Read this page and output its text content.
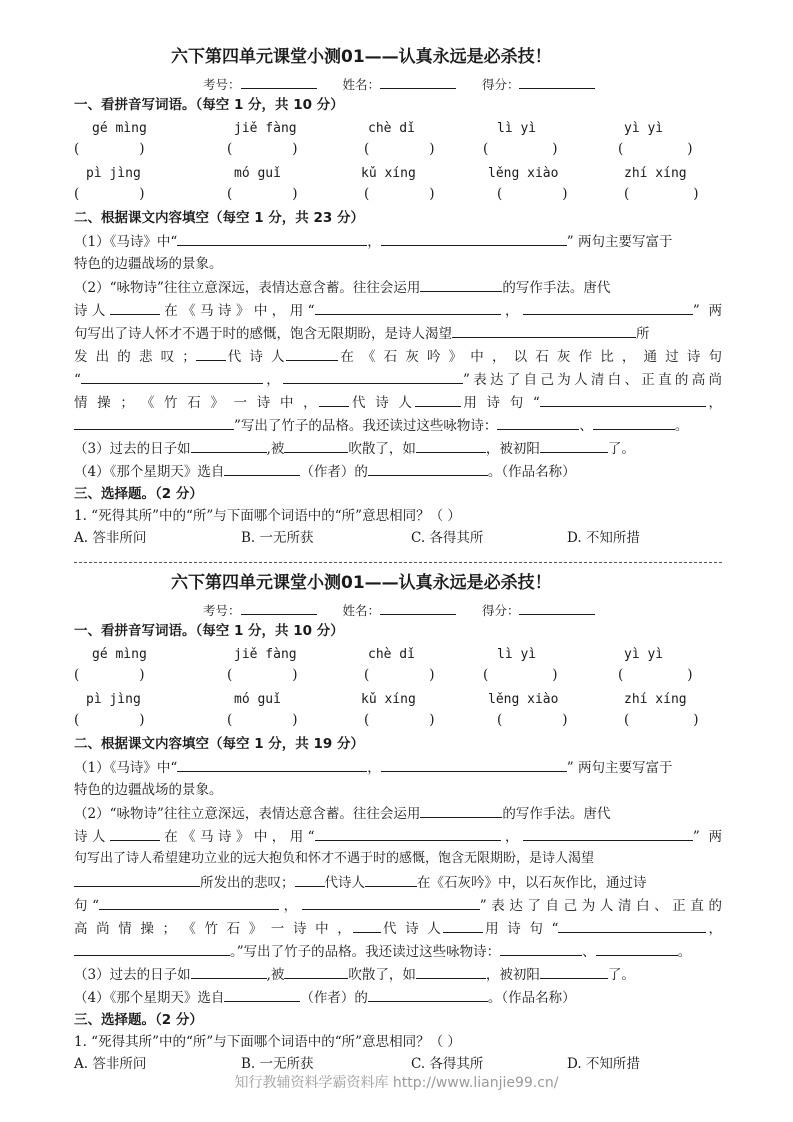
六下第四单元课堂小测01——认真永远是必杀技！
考号：	姓名：	得分：
一、看拼音写词语。（每空 1 分，共 10 分）
gé mìng	jiě fàng	chè dǐ	lì yì	yì yì
(	)	(	)	(	)	(	)	(	)
pì jìng	mó guǐ	kǔ xíng	lěng xiào	zhí xíng
(	)	(	)	(	)	(	)	(	)
二、根据课文内容填空（每空 1 分，共 23 分）
（1）《马诗》中“	，	” 两句主要写富于
特色的边疆战场的景象。
（2）“咏物诗”往往立意深远，表情达意含蓄。往往会运用	的写作手法。唐代
诗人	在《马诗》中，用“	，	” 两
句写出了诗人怀才不遇于时的感慨，饱含无限期盼，是诗人渴望	所
发 出 的 悲 叹 ； 代 诗 人	在 《 石 灰 吟 》 中 ， 以 石 灰 作 比 ， 通 过 诗 句
“	，	”表达了自己为人清白、正直的高尚
情 操 ； 《 竹 石 》 一 诗 中 ， 代 诗 人	用 诗 句 “	，
”写出了竹子的品格。我还读过这些咏物诗：	、	。
（3）过去的日子如	,被	吹散了，如	，被初阳	了。
（4）《那个星期天》选自	（作者）的	。（作品名称）
三、选择题。（2 分）
1. “死得其所”中的“所”与下面哪个词语中的“所”意思相同？（ ）
A. 答非所问	B. 一无所获	C. 各得其所	D. 不知所措
六下第四单元课堂小测01——认真永远是必杀技！
考号：	姓名：	得分：
一、看拼音写词语。（每空 1 分，共 10 分）
gé mìng	jiě fàng	chè dǐ	lì yì	yì yì
(	)	(	)	(	)	(	)	(	)
pì jìng	mó guǐ	kǔ xíng	lěng xiào	zhí xíng
(	)	(	)	(	)	(	)	(	)
二、根据课文内容填空（每空 1 分，共 19 分）
（1）《马诗》中“	，	” 两句主要写富于
特色的边疆战场的景象。
（2）“咏物诗”往往立意深远，表情达意含蓄。往往会运用	的写作手法。唐代
诗人	在《马诗》中，用“	，	” 两
句写出了诗人希望建功立业的远大抱负和怀才不遇于时的感慨，饱含无限期盼，是诗人渴望
所发出的悲叹； 代诗人	在《石灰吟》中，以石灰作比，通过诗
句“	，	”表达了自己为人清白、正直的
高 尚 情 操 ； 《 竹 石 》 一 诗 中 ， 代 诗 人	用 诗 句 “	，
。”写出了竹子的品格。我还读过这些咏物诗：	、	。
（3）过去的日子如	,被	吹散了，如	，被初阳	了。
（4）《那个星期天》选自	（作者）的	。（作品名称）
三、选择题。（2 分）
1. “死得其所”中的“所”与下面哪个词语中的“所”意思相同？（ ）
A. 答非所问	B. 一无所获	C. 各得其所	D. 不知所措
知行教辅资料学霸资料库 http://www.lianjie99.cn/
